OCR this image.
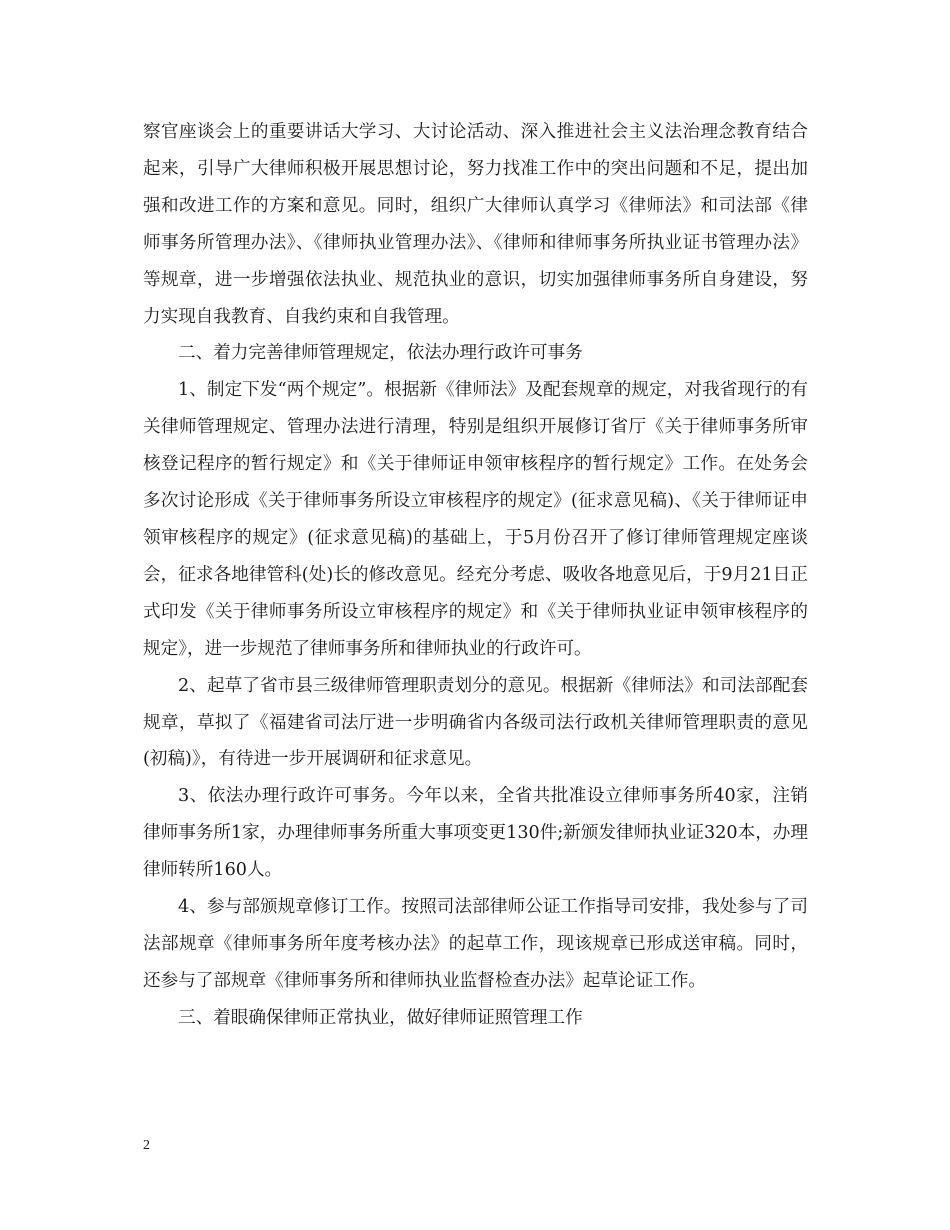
察官座谈会上的重要讲话大学习、大讨论活动、深入推进社会主义法治理念教育结合起来，引导广大律师积极开展思想讨论，努力找准工作中的突出问题和不足，提出加强和改进工作的方案和意见。同时，组织广大律师认真学习《律师法》和司法部《律师事务所管理办法》、《律师执业管理办法》、《律师和律师事务所执业证书管理办法》等规章，进一步增强依法执业、规范执业的意识，切实加强律师事务所自身建设，努力实现自我教育、自我约束和自我管理。

二、着力完善律师管理规定，依法办理行政许可事务

1、制定下发“两个规定”。根据新《律师法》及配套规章的规定，对我省现行的有关律师管理规定、管理办法进行清理，特别是组织开展修订省厅《关于律师事务所审核登记程序的暂行规定》和《关于律师证申领审核程序的暂行规定》工作。在处务会多次讨论形成《关于律师事务所设立审核程序的规定》(征求意见稿)、《关于律师证申领审核程序的规定》(征求意见稿)的基础上，于5月份召开了修订律师管理规定座谈会，征求各地律管科(处)长的修改意见。经充分考虑、吸收各地意见后，于9月21日正式印发《关于律师事务所设立审核程序的规定》和《关于律师执业证申领审核程序的规定》，进一步规范了律师事务所和律师执业的行政许可。

2、起草了省市县三级律师管理职责划分的意见。根据新《律师法》和司法部配套规章，草拟了《福建省司法厅进一步明确省内各级司法行政机关律师管理职责的意见(初稿)》，有待进一步开展调研和征求意见。

3、依法办理行政许可事务。今年以来，全省共批准设立律师事务所40家，注销律师事务所1家，办理律师事务所重大事项变更130件;新颁发律师执业证320本，办理律师转所160人。

4、参与部颁规章修订工作。按照司法部律师公证工作指导司安排，我处参与了司法部规章《律师事务所年度考核办法》的起草工作，现该规章已形成送审稿。同时，还参与了部规章《律师事务所和律师执业监督检查办法》起草论证工作。

三、着眼确保律师正常执业，做好律师证照管理工作

2
